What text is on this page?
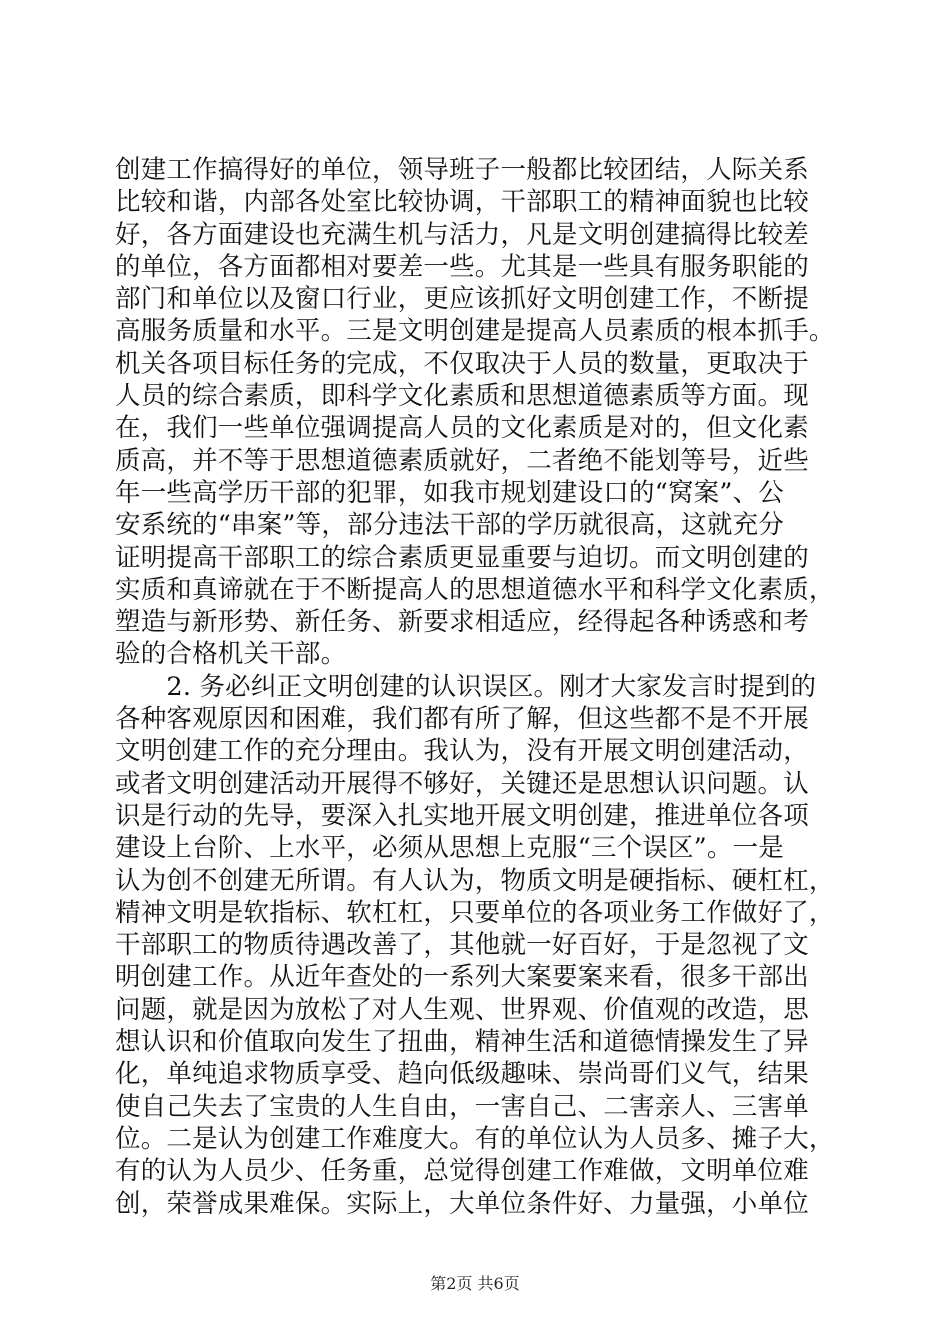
创建工作搞得好的单位，领导班子一般都比较团结，人际关系
比较和谐，内部各处室比较协调，干部职工的精神面貌也比较
好，各方面建设也充满生机与活力，凡是文明创建搞得比较差
的单位，各方面都相对要差一些。尤其是一些具有服务职能的
部门和单位以及窗口行业，更应该抓好文明创建工作，不断提
高服务质量和水平。三是文明创建是提高人员素质的根本抓手。
机关各项目标任务的完成，不仅取决于人员的数量，更取决于
人员的综合素质，即科学文化素质和思想道德素质等方面。现
在，我们一些单位强调提高人员的文化素质是对的，但文化素
质高，并不等于思想道德素质就好，二者绝不能划等号，近些
年一些高学历干部的犯罪，如我市规划建设口的“窝案”、公
安系统的“串案”等，部分违法干部的学历就很高，这就充分
证明提高干部职工的综合素质更显重要与迫切。而文明创建的
实质和真谛就在于不断提高人的思想道德水平和科学文化素质，
塑造与新形势、新任务、新要求相适应，经得起各种诱惑和考
验的合格机关干部。
　　2. 务必纠正文明创建的认识误区。刚才大家发言时提到的
各种客观原因和困难，我们都有所了解，但这些都不是不开展
文明创建工作的充分理由。我认为，没有开展文明创建活动，
或者文明创建活动开展得不够好，关键还是思想认识问题。认
识是行动的先导，要深入扎实地开展文明创建，推进单位各项
建设上台阶、上水平，必须从思想上克服“三个误区”。一是
认为创不创建无所谓。有人认为，物质文明是硬指标、硬杠杠，
精神文明是软指标、软杠杠，只要单位的各项业务工作做好了，
干部职工的物质待遇改善了，其他就一好百好，于是忽视了文
明创建工作。从近年查处的一系列大案要案来看，很多干部出
问题，就是因为放松了对人生观、世界观、价值观的改造，思
想认识和价值取向发生了扭曲，精神生活和道德情操发生了异
化，单纯追求物质享受、趋向低级趣味、崇尚哥们义气，结果
使自己失去了宝贵的人生自由，一害自己、二害亲人、三害单
位。二是认为创建工作难度大。有的单位认为人员多、摊子大，
有的认为人员少、任务重，总觉得创建工作难做，文明单位难
创，荣誉成果难保。实际上，大单位条件好、力量强，小单位
第2页 共6页
